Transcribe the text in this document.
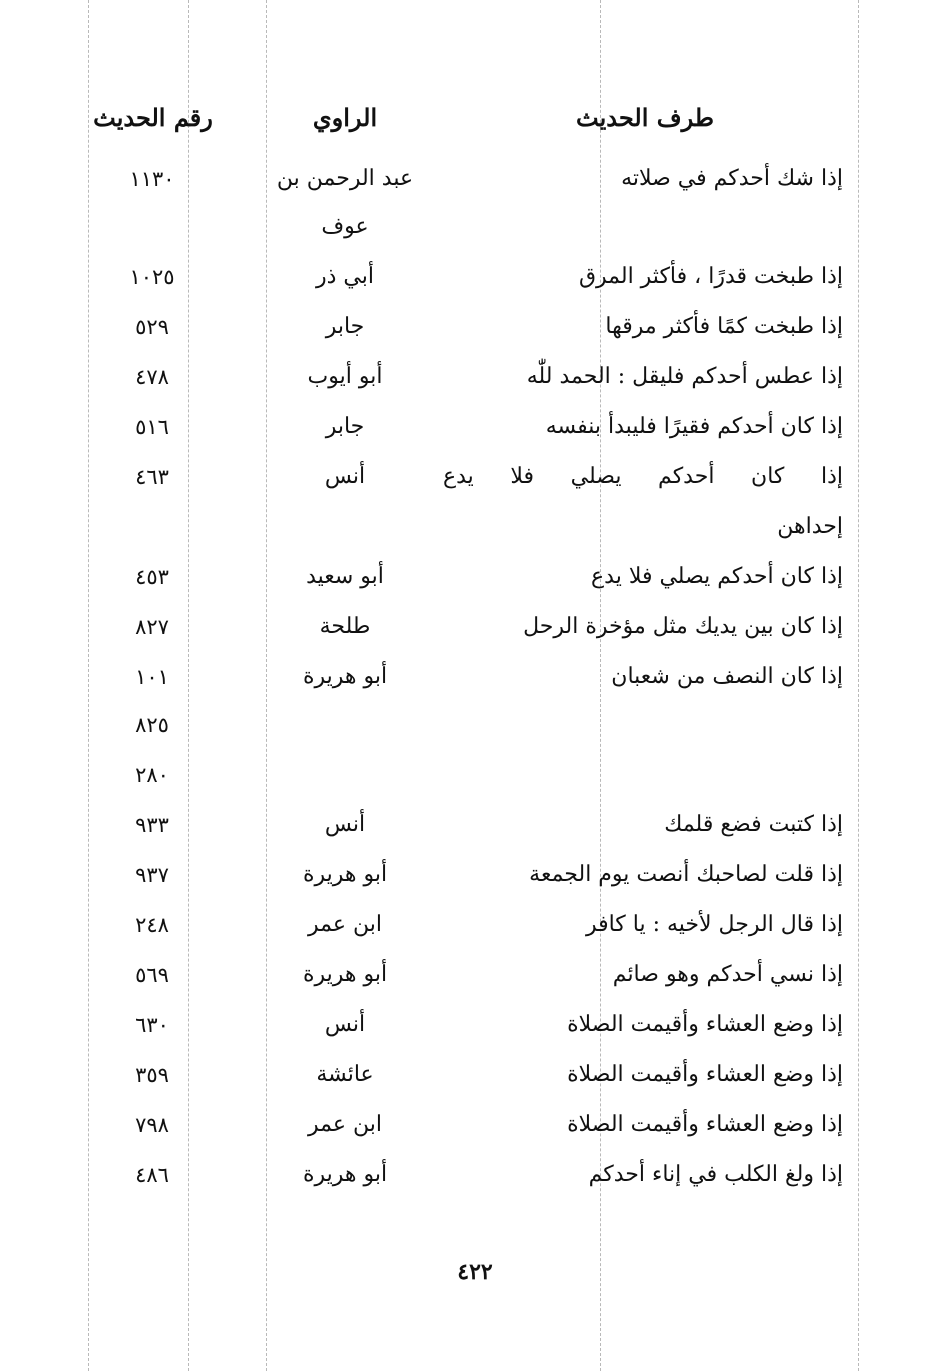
طرف الحديث
الراوي
رقم الحديث
إذا شك أحدكم في صلاته
عبد الرحمن بن
١١٣٠
عوف
إذا طبخت قدرًا ، فأكثر المرق
أبي ذر
١٠٢٥
إذا طبخت كمًا فأكثر مرقها
جابر
٥٢٩
إذا عطس أحدكم فليقل : الحمد للّٰه
أبو أيوب
٤٧٨
إذا كان أحدكم فقيرًا فليبدأ بنفسه
جابر
٥١٦
إذا كان أحدكم يصلي فلا يدع
أنس
٤٦٣
إحداهن
إذا كان أحدكم يصلي فلا يدع
أبو سعيد
٤٥٣
إذا كان بين يديك مثل مؤخرة الرحل
طلحة
٨٢٧
إذا كان النصف من شعبان
أبو هريرة
١٠١
٨٢٥
٢٨٠
إذا كتبت فضع قلمك
أنس
٩٣٣
إذا قلت لصاحبك أنصت يوم الجمعة
أبو هريرة
٩٣٧
إذا قال الرجل لأخيه : يا كافر
ابن عمر
٢٤٨
إذا نسي أحدكم وهو صائم
أبو هريرة
٥٦٩
إذا وضع العشاء وأقيمت الصلاة
أنس
٦٣٠
إذا وضع العشاء وأقيمت الصلاة
عائشة
٣٥٩
إذا وضع العشاء وأقيمت الصلاة
ابن عمر
٧٩٨
إذا ولغ الكلب في إناء أحدكم
أبو هريرة
٤٨٦
٤٢٢
